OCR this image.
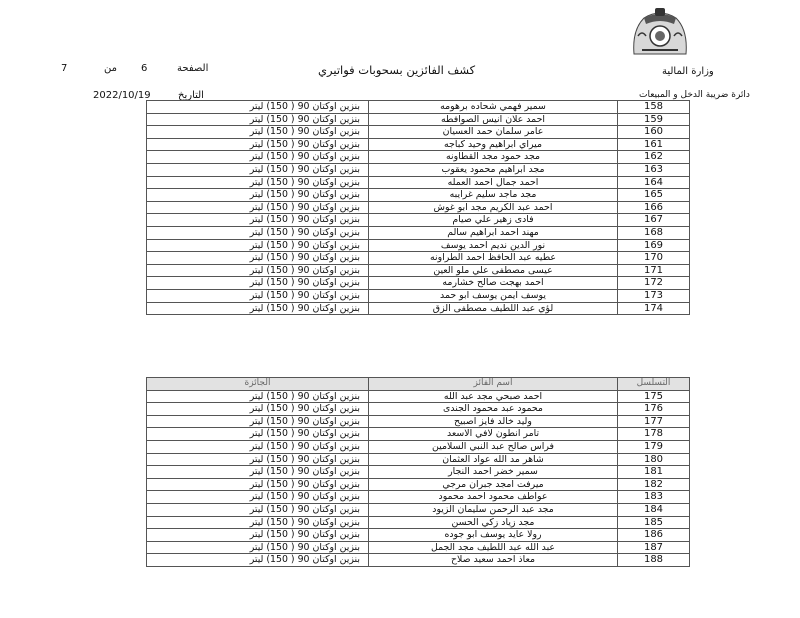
وزارة المالية
كشف الفائزين بسحوبات فواتيري
الصفحة
6
من
7
دائرة ضريبة الدخل و المبيعات
التاريخ
2022/10/19
بنزين اوكتان 90 ( 150) ليتر	سمير فهمي شحاده برهومه	158
بنزين اوكتان 90 ( 150) ليتر	احمد علان انيس الصوافطه	159
بنزين اوكتان 90 ( 150) ليتر	عامر سلمان حمد العسيان	160
بنزين اوكتان 90 ( 150) ليتر	ميراي ابراهيم وحيد كباجه	161
بنزين اوكتان 90 ( 150) ليتر	مجد حمود مجد القطاونه	162
بنزين اوكتان 90 ( 150) ليتر	مجد ابراهيم محمود يعقوب	163
بنزين اوكتان 90 ( 150) ليتر	احمد جمال احمد العمله	164
بنزين اوكتان 90 ( 150) ليتر	مجد ماجد سليم غرايبه	165
بنزين اوكتان 90 ( 150) ليتر	احمد عبد الكريم مجد ابو غوش	166
بنزين اوكتان 90 ( 150) ليتر	فادى زهير علي صيام	167
بنزين اوكتان 90 ( 150) ليتر	مهند احمد ابراهيم سالم	168
بنزين اوكتان 90 ( 150) ليتر	نور الدين نديم احمد يوسف	169
بنزين اوكتان 90 ( 150) ليتر	عطيه عبد الحافظ احمد الطراونه	170
بنزين اوكتان 90 ( 150) ليتر	عيسى مصطفى علي ملو العين	171
بنزين اوكتان 90 ( 150) ليتر	احمد بهجت صالح خشارمه	172
بنزين اوكتان 90 ( 150) ليتر	يوسف ايمن يوسف ابو حمد	173
بنزين اوكتان 90 ( 150) ليتر	لؤي عبد اللطيف مصطفى الزق	174
الجائزة	اسم الفائز	التسلسل
بنزين اوكتان 90 ( 150) ليتر	احمد صبحي مجد عبد الله	175
بنزين اوكتان 90 ( 150) ليتر	محمود عبد محمود الجندى	176
بنزين اوكتان 90 ( 150) ليتر	وليد خالد فايز اصبيح	177
بنزين اوكتان 90 ( 150) ليتر	تامر انطون لافي الاسعد	178
بنزين اوكتان 90 ( 150) ليتر	فراس صالح عبد النبي السلامين	179
بنزين اوكتان 90 ( 150) ليتر	شاهر مد الله عواد العثمان	180
بنزين اوكتان 90 ( 150) ليتر	سمير خضر احمد النجار	181
بنزين اوكتان 90 ( 150) ليتر	ميرفت امجد جبران مرجي	182
بنزين اوكتان 90 ( 150) ليتر	عواطف محمود احمد محمود	183
بنزين اوكتان 90 ( 150) ليتر	مجد عبد الرحمن سليمان الزيود	184
بنزين اوكتان 90 ( 150) ليتر	مجد زياد زكي الحسن	185
بنزين اوكتان 90 ( 150) ليتر	رولا عايد يوسف ابو جوده	186
بنزين اوكتان 90 ( 150) ليتر	عبد الله عبد اللطيف مجد الجمل	187
بنزين اوكتان 90 ( 150) ليتر	معاذ احمد سعيد صلاح	188
